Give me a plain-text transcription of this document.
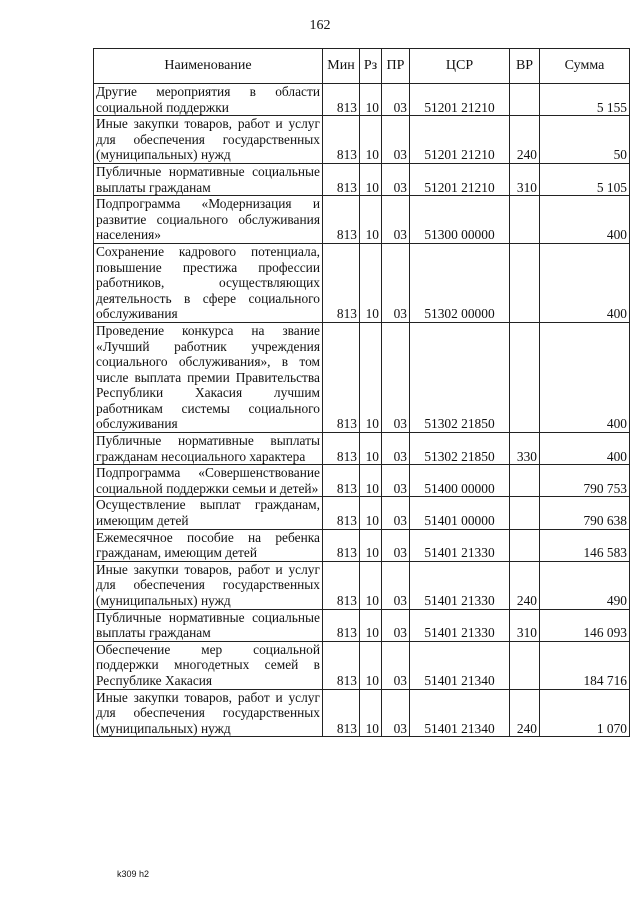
162
Наименование	Мин	Рз	ПР	ЦСР	ВР	Сумма
Другие мероприятия в области социальной поддержки	813	10	03	51201 21210		5 155
Иные закупки товаров, работ и услуг для обеспечения государственных (муниципальных) нужд	813	10	03	51201 21210	240	50
Публичные нормативные социальные выплаты гражданам	813	10	03	51201 21210	310	5 105
Подпрограмма «Модернизация и развитие социального обслуживания населения»	813	10	03	51300 00000		400
Сохранение кадрового потенциала, повышение престижа профессии работников, осуществляющих деятельность в сфере социального обслуживания	813	10	03	51302 00000		400
Проведение конкурса на звание «Лучший работник учреждения социального обслуживания», в том числе выплата премии Правительства Республики Хакасия лучшим работникам системы социального обслуживания	813	10	03	51302 21850		400
Публичные нормативные выплаты гражданам несоциального характера	813	10	03	51302 21850	330	400
Подпрограмма «Совершенствование социальной поддержки семьи и детей»	813	10	03	51400 00000		790 753
Осуществление выплат гражданам, имеющим детей	813	10	03	51401 00000		790 638
Ежемесячное пособие на ребенка гражданам, имеющим детей	813	10	03	51401 21330		146 583
Иные закупки товаров, работ и услуг для обеспечения государственных (муниципальных) нужд	813	10	03	51401 21330	240	490
Публичные нормативные социальные выплаты гражданам	813	10	03	51401 21330	310	146 093
Обеспечение мер социальной поддержки многодетных семей в Республике Хакасия	813	10	03	51401 21340		184 716
Иные закупки товаров, работ и услуг для обеспечения государственных (муниципальных) нужд	813	10	03	51401 21340	240	1 070
k309 h2
